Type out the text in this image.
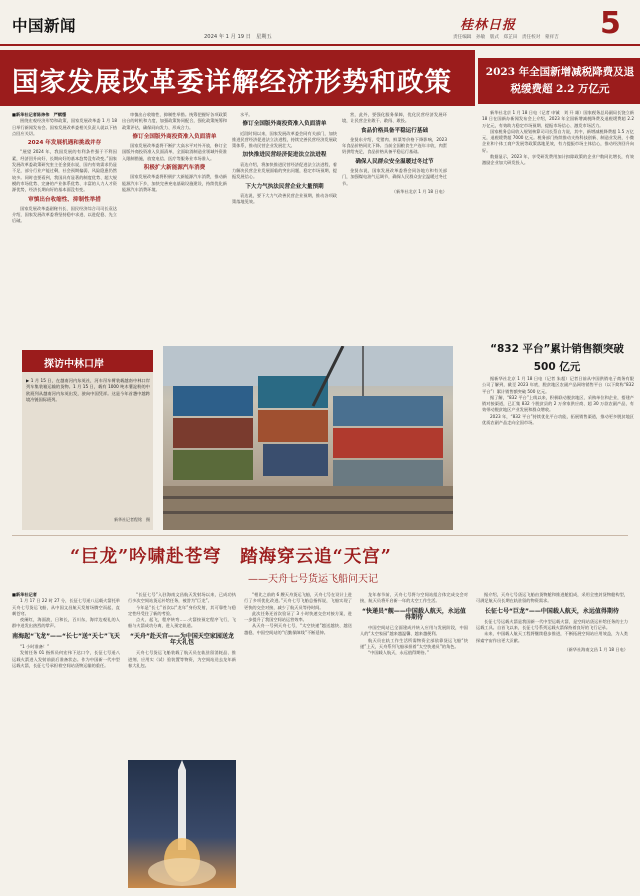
中国新闻
2024 年 1 月 19 日　星期五
桂林日报	5
责任编辑　孙敏　版式　郑芷田　责任校对　蒙祥吉
国家发展改革委详解经济形势和政策	2023 年全国新增减税降费及退税缓费超 2.2 万亿元
■新华社记者陈炜伟　严赋憬
围绕宏观经济形势和政策，国家发展改革委 1 月 18 日举行新闻发布会。国家发展改革委相关负责人就以下热点回应关切。
2024 年发展机遇和挑战并存
“展望 2024 年，我国发展的有利条件强于不利因素，经济回升向好、长期向好的基本趋势没有改变。”国家发展改革委政策研究室主任金贤东说，国内有效需求仍显不足，部分行业产能过剩，社会预期偏弱，风险隐患仍然较多。同时也要看到，我国具有显著的制度优势、超大规模的市场优势、完备的产业体系优势、丰富的人力人才资源优势，经济长期向好的基本面没有变。
审慎出台收缩性、抑制性举措
国家发展改革委副秘书长、国民经济综合司司长袁达介绍，国家发展改革委将坚持稳中求进、以进促稳、先立后破。
审慎出台收缩性、抑制性举措。统筹把握好各项政策出台的时机和力度，加强政策协同配合，强化政策统筹和政策评估，确保同向发力、形成合力。
修订全国版外商投资准入负面清单
国家发展改革委将不断扩大高水平对外开放，修订全国版外商投资准入负面清单，全面取消制造业领域外资准入限制措施，放宽电信、医疗等服务业市场准入。
积极扩大新能源汽车消费
国家发展改革委将积极扩大新能源汽车消费，推动新能源汽车下乡，加快完善充电基础设施建设，持续优化新能源汽车消费环境。
水平。
修订全国版外商投资准入负面清单
近段时间以来，国家发展改革委会同有关部门，加快推进民营经济促进法立法进程，持续完善民营经济发展政策体系，推动民营企业发展壮大。
加快推进民营经济促进法立法进程
袁达介绍，将加快推进民营经济促进法立法进程，着力解决民营企业发展面临的突出问题，稳定市场预期，提振发展信心。
下大力气执法民营企业大量预期
袁达说，要下大力气改善民营企业预期，推动各项政策落地见效。
营，此外，要强化服务保障，优化民营经济发展环境，让民营企业敢干、敢闯、敢投。
食品价格具备平稳运行基础
金贤东介绍，受猪肉、鲜菜等价格下降影响，2023 年食品价格同比下降。当前全国粮食生产连年丰收，肉蛋奶供给充足，食品价格具备平稳运行基础。
确保人民群众安全温暖过冬过节
金贤东说，国家发展改革委将会同各地方和有关部门，加强煤电油气运调节，确保人民群众安全温暖过冬过节。
（新华社北京 1 月 18 日电）
新华社北京 1 月 18 日电（记者 申铖　刘 开 雄）国家税务总局副局长饶立新 18 日在国新办新闻发布会上介绍，2023 年全国新增减税降费及退税缓费超 2.2 万亿元，有效助力稳定市场预期、提振市场信心、激发市场活力。
国家税务总局收入规划核算司司长蔡自力说，其中，新增减税降费超 1.5 万亿元，退税缓费超 7000 亿元。税务部门持续推动支持科技创新、制造业发展、小微企业和个体工商户发展等政策落地见效，有力提振市场主体信心，推动经济回升向好。
数据显示，2023 年，享受研发费用加计扣除政策的企业户数同比增长，有效激励企业加大研发投入。
“832 平台”累计销售额突破 500 亿元
据新华社北京 1 月 18 日电（记者 朱超）记者日前从中国供销电子商务有限公司了解到，截至 2023 年底，脱贫地区农副产品网络销售平台（以下简称“832 平台”）累计销售额突破 500 亿元。
据了解，“832 平台”上线以来，积极联动脱贫地区、采购单位和企业，搭建产销对接渠道，已汇集 832 个脱贫县的 2 万余家供应商、超 30 万款农副产品，有效带动脱贫地区产业发展和群众增收。
2023 年，“832 平台”持续优化平台功能，拓展销售渠道，推动更多脱贫地区优质农副产品走向全国市场。
探访中林口岸
▶ 1 月 15 日，在越南河内东英社，河车吊车臂装载越南中林口岸列车集装箱运输的货物。1 月 15 日，载有 1000 吨木薯淀粉的中欧班列从越南河内东英出发，驶向中国凭祥。这是今年首趟中越跨境冷链国际班列。
新华社记者程铭　摄
“巨龙”吟啸赴苍穹　踏海穿云追“天宫”
——天舟七号货运飞船问天记
■新华社记者
1 月 17 日 22 时 27 分，长征七号遥八运载火箭托举天舟七号货运飞船，从中国文昌航天发射场腾空而起，直刺苍穹。
夜阑红，海面波，日和长，百川东，海岸边观礼的人群中迸发出热烈的掌声。
南海起“飞龙”——“长七”送“天七”飞天
“1 小时准备！”
发射任务 01 指挥员何宏伟下达口令，长征七号遥八运载火箭进入发射前最后准备状态。作为中国新一代中型运载火箭，长征七号承担着空间站货物运输的重任。
“长征七号”入驻海南文昌航天发射场以来，已成功执行多次空间站货运补给任务，被誉为“巨龙”。
今年是“长七”首次以“龙年”身份发射，其可靠性与稳定性经受住了新的考验。
点火、起飞，程序转弯……火箭按预定程序飞行，飞船与火箭成功分离，进入预定轨道。
“天舟”赴天宫——为中国天空家园送龙年大礼包
天舟七号货运飞船装载了航天员在轨驻留消耗品、推进剂、应用实（试）验装置等物资，为空间站送去龙年新春大礼包。
“相比之前的 6 艘天舟货运飞船，天舟七号在设计上进行了多项优化改进。”天舟七号飞船总指挥说，飞船实现了更快的交会对接，减少了航天员等待时间。
此次任务还首次验证了 3 小时快速交会对接方案，进一步提升了我国空间站运营效率。
从天舟一号到天舟七号，“太空快递”越送越快、越送越稳，中国空间站的“后勤保障线”不断延伸。
龙年春节前，天舟七号将与空间站组合体完成交会对接，航天员将开启新一年的太空工作生活。
“快递员”舰——中国载人航天，永远值得期待
中国空间站已全面建成并转入应用与发展阶段，中国人的“太空家园”越来越温馨、越来越便利。
航天员在轨工作生活所需物资全部依靠货运飞船“快递”上天，天舟系列飞船承担着“太空快递员”的角色。
“中国载人航天，永远值得期待。”
据介绍，天舟七号货运飞船由货物舱和推进舱组成，采用全密封货物舱构型，可满足航天员长期在轨驻留的物资需求。
长征七号“巨龙”——中国载人航天，永远值得期待
长征七号运载火箭是我国新一代中型运载火箭，是空间站货运补给任务的主力运载工具。自首飞以来，长征七号系列运载火箭保持着良好的飞行记录。
未来，中国载人航天工程将继续稳步推进，不断拓展空间站应用效益，为人类探索宇宙作出更大贡献。
（新华社海南文昌 1 月 18 日电）
